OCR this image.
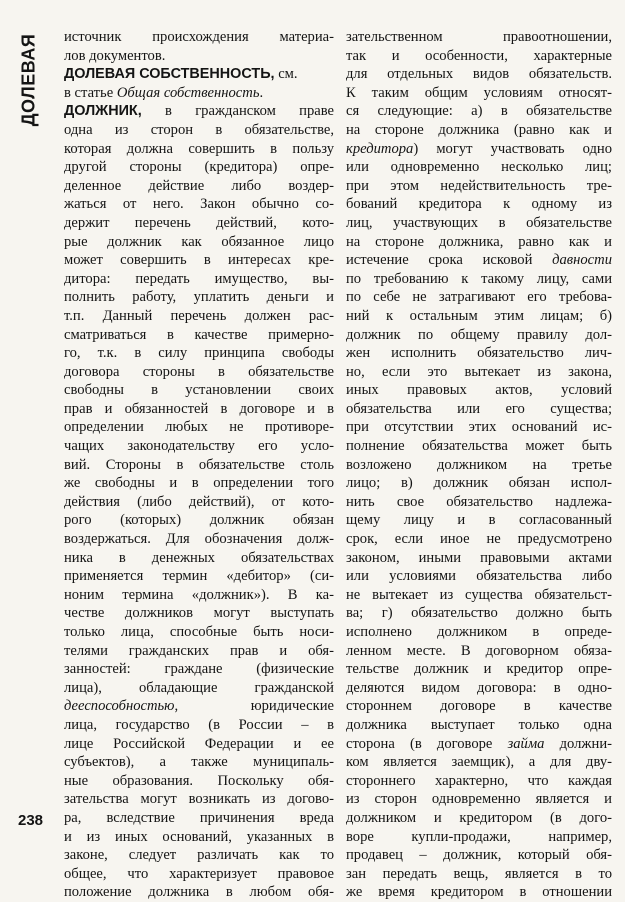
ДОЛЕВАЯ источник происхождения материа-
лов документов.
ДОЛЕВАЯ СОБСТВЕННОСТЬ, см.
в статье Общая собственность.
ДОЛЖНИК, в гражданском праве
одна из сторон в обязательстве,
которая должна совершить в пользу
другой стороны (кредитора) опре-
деленное действие либо воздер-
жаться от него. Закон обычно со-
держит перечень действий, кото-
рые должник как обязанное лицо
может совершить в интересах кре-
дитора: передать имущество, вы-
полнить работу, уплатить деньги и
т.п. Данный перечень должен рас-
сматриваться в качестве примерно-
го, т.к. в силу принципа свободы
договора стороны в обязательстве
свободны в установлении своих
прав и обязанностей в договоре и в
определении любых не противоре-
чащих законодательству его усло-
вий. Стороны в обязательстве столь
же свободны и в определении того
действия (либо действий), от кото-
рого (которых) должник обязан
воздержаться. Для обозначения долж-
ника в денежных обязательствах
применяется термин «дебитор» (си-
ноним термина «должник»). В ка-
честве должников могут выступать
только лица, способные быть носи-
телями гражданских прав и обя-
занностей: граждане (физические
лица), обладающие гражданской
дееспособностью, юридические
лица, государство (в России – в
лице Российской Федерации и ее
субъектов), а также муниципаль-
ные образования. Поскольку обя-
зательства могут возникать из догово-
ра, вследствие причинения вреда
и из иных оснований, указанных в
законе, следует различать как то
общее, что характеризует правовое
положение должника в любом обя-
зательственном правоотношении,
так и особенности, характерные
для отдельных видов обязательств.
К таким общим условиям относят-
ся следующие: а) в обязательстве
на стороне должника (равно как и
кредитора) могут участвовать одно
или одновременно несколько лиц;
при этом недействительность тре-
бований кредитора к одному из
лиц, участвующих в обязательстве
на стороне должника, равно как и
истечение срока исковой давности
по требованию к такому лицу, сами
по себе не затрагивают его требова-
ний к остальным этим лицам; б)
должник по общему правилу дол-
жен исполнить обязательство лич-
но, если это вытекает из закона,
иных правовых актов, условий
обязательства или его существа;
при отсутствии этих оснований ис-
полнение обязательства может быть
возложено должником на третье
лицо; в) должник обязан испол-
нить свое обязательство надлежа-
щему лицу и в согласованный
срок, если иное не предусмотрено
законом, иными правовыми актами
или условиями обязательства либо
не вытекает из существа обязательст-
ва; г) обязательство должно быть
исполнено должником в опреде-
ленном месте. В договорном обяза-
тельстве должник и кредитор опре-
деляются видом договора: в одно-
стороннем договоре в качестве
должника выступает только одна
сторона (в договоре займа должни-
ком является заемщик), а для дву-
стороннего характерно, что каждая
из сторон одновременно является и
должником и кредитором (в дого-
воре купли-продажи, например,
продавец – должник, который обя-
зан передать вещь, является в то
же время кредитором в отношении
238
